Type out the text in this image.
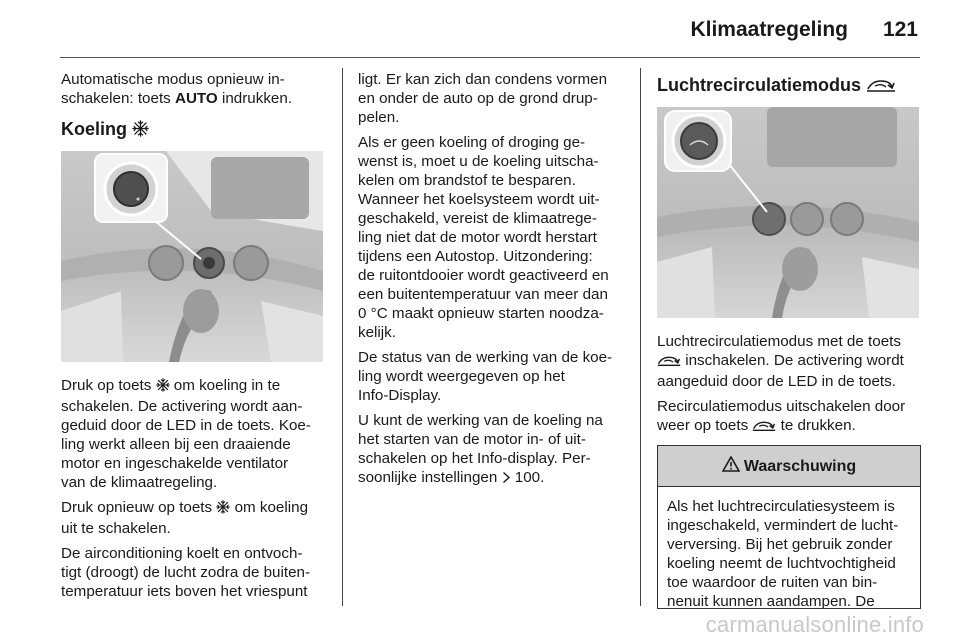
Klimaatregeling 121

Automatische modus opnieuw in-
schakelen: toets AUTO indrukken.

Koeling

Druk op toets  om koeling in te
schakelen. De activering wordt aan-
geduid door de LED in de toets. Koe-
ling werkt alleen bij een draaiende
motor en ingeschakelde ventilator
van de klimaatregeling.

Druk opnieuw op toets  om koeling
uit te schakelen.

De airconditioning koelt en ontvoch-
tigt (droogt) de lucht zodra de buiten-
temperatuur iets boven het vriespunt

ligt. Er kan zich dan condens vormen
en onder de auto op de grond drup-
pelen.

Als er geen koeling of droging ge-
wenst is, moet u de koeling uitscha-
kelen om brandstof te besparen.
Wanneer het koelsysteem wordt uit-
geschakeld, vereist de klimaatrege-
ling niet dat de motor wordt herstart
tijdens een Autostop. Uitzondering:
de ruitontdooier wordt geactiveerd en
een buitentemperatuur van meer dan
0 °C maakt opnieuw starten noodza-
kelijk.

De status van de werking van de koe-
ling wordt weergegeven op het
Info-Display.

U kunt de werking van de koeling na
het starten van de motor in- of uit-
schakelen op het Info-display. Per-
soonlijke instellingen  100.

Luchtrecirculatiemodus

Luchtrecirculatiemodus met de toets
inschakelen. De activering wordt
aangeduid door de LED in de toets.

Recirculatiemodus uitschakelen door
weer op toets  te drukken.

Waarschuwing
Als het luchtrecirculatiesysteem is
ingeschakeld, vermindert de lucht-
verversing. Bij het gebruik zonder
koeling neemt de luchtvochtigheid
toe waardoor de ruiten van bin-
nenuit kunnen aandampen. De
carmanualsonline.info
